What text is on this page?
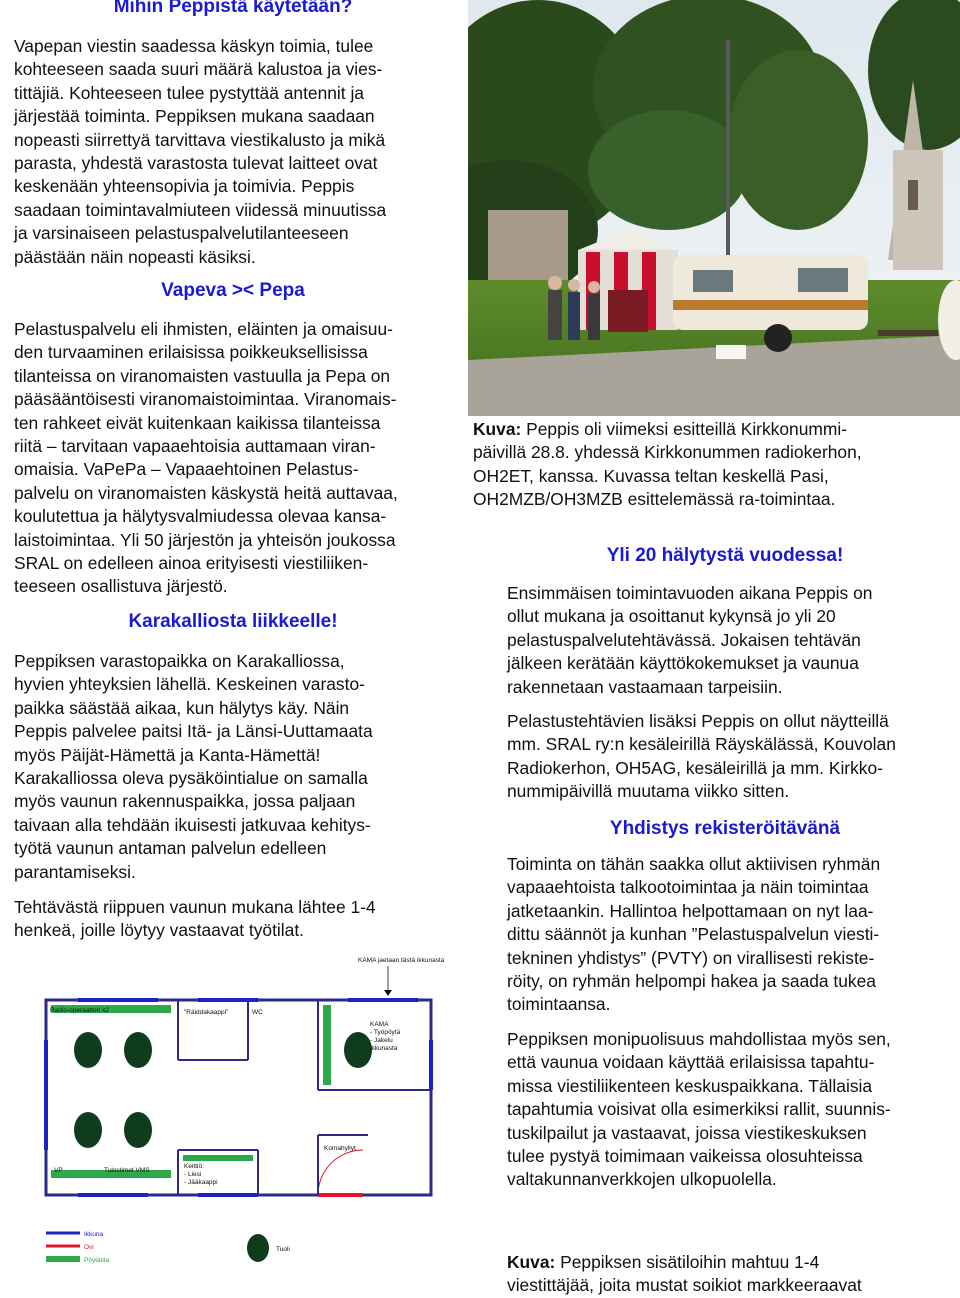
Mihin Peppistä käytetään?
Vapepan viestin saadessa käskyn toimia, tulee
kohteeseen saada suuri määrä kalustoa ja vies-
tittäjiä. Kohteeseen tulee pystyttää antennit ja
järjestää toiminta. Peppiksen mukana saadaan
nopeasti siirrettyä tarvittava viestikalusto ja mikä
parasta, yhdestä varastosta tulevat laitteet ovat
keskenään yhteensopivia ja toimivia. Peppis
saadaan toimintavalmiuteen viidessä minuutissa
ja varsinaiseen pelastuspalvelutilanteeseen
päästään näin nopeasti käsiksi.
Vapeva >< Pepa
Pelastuspalvelu eli ihmisten, eläinten ja omaisuu-
den turvaaminen erilaisissa poikkeuksellisissa
tilanteissa on viranomaisten vastuulla ja Pepa on
pääsääntöisesti viranomaistoimintaa. Viranomais-
ten rahkeet eivät kuitenkaan kaikissa tilanteissa
riitä – tarvitaan vapaaehtoisia auttamaan viran-
omaisia. VaPePa – Vapaaehtoinen Pelastus-
palvelu on viranomaisten käskystä heitä auttavaa,
koulutettua ja hälytysvalmiudessa olevaa kansa-
laistoimintaa. Yli 50 järjestön ja yhteisön joukossa
SRAL on edelleen ainoa erityisesti viestiliiken-
teeseen osallistuva järjestö.
Karakalliosta liikkeelle!
Peppiksen varastopaikka on Karakalliossa,
hyvien yhteyksien lähellä. Keskeinen varasto-
paikka säästää aikaa, kun hälytys käy. Näin
Peppis palvelee paitsi Itä- ja Länsi-Uuttamaata
myös Päijät-Hämettä ja Kanta-Hämettä!
Karakalliossa oleva pysäköintialue on samalla
myös vaunun rakennuspaikka, jossa paljaan
taivaan alla tehdään ikuisesti jatkuvaa kehitys-
työtä vaunun antaman palvelun edelleen
parantamiseksi.
Tehtävästä riippuen vaunun mukana lähtee 1-4
henkeä, joille löytyy vastaavat työtilat.
Kuva: Peppis oli viimeksi esitteillä Kirkkonummi-
päivillä 28.8. yhdessä Kirkkonummen radiokerhon,
OH2ET, kanssa. Kuvassa teltan keskellä Pasi,
OH2MZB/OH3MZB esittelemässä ra-toimintaa.
Yli 20 hälytystä vuodessa!
Ensimmäisen toimintavuoden aikana Peppis on
ollut mukana ja osoittanut kykynsä jo yli 20
pelastuspalvelutehtävässä. Jokaisen tehtävän
jälkeen kerätään käyttökokemukset ja vaunua
rakennetaan vastaamaan tarpeisiin.
Pelastustehtävien lisäksi Peppis on ollut näytteillä
mm. SRAL ry:n kesäleirillä Räyskälässä, Kouvolan
Radiokerhon, OH5AG, kesäleirillä ja mm. Kirkko-
nummipäivillä muutama viikko sitten.
Yhdistys rekisteröitävänä
Toiminta on tähän saakka ollut aktiivisen ryhmän
vapaaehtoista talkootoimintaa ja näin toimintaa
jatketaankin. Hallintoa helpottamaan on nyt laa-
dittu säännöt ja kunhan ”Pelastuspalvelun viesti-
tekninen yhdistys” (PVTY) on virallisesti rekiste-
röity, on ryhmän helpompi hakea ja saada tukea
toimintaansa.
Peppiksen monipuolisuus mahdollistaa myös sen,
että vaunua voidaan käyttää erilaisissa tapahtu-
missa viestiliikenteen keskuspaikkana. Tällaisia
tapahtumia voisivat olla esimerkiksi rallit, suunnis-
tuskilpailut ja vastaavat, joissa viestikeskuksen
tulee pystyä toimimaan vaikeissa olosuhteissa
valtakunnanverkkojen ulkopuolella.
Kuva: Peppiksen sisätiloihin mahtuu 1-4
viestittäjää, joita mustat soikiot markkeeraavat
KAMA jaetaan tästä ikkunasta
Radio-operaattori x2	"Räiddakaappi"	WC
KAMA - Työpöytä - Jakelu ikkunasta
Komahyllyt
VP	Tulostimet VMS
Keittiö: - Liesi - Jääkaappi
Ikkuna
Ovi
Pöytätila
Tuoli
